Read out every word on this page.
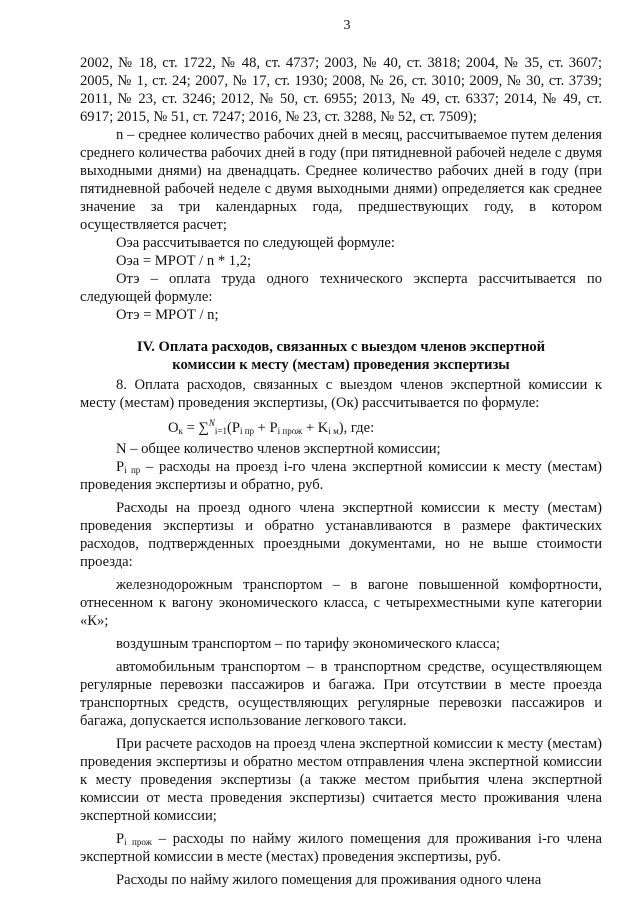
3

2002, № 18, ст. 1722, № 48, ст. 4737; 2003, № 40, ст. 3818; 2004, № 35, ст. 3607; 2005, № 1, ст. 24; 2007, № 17, ст. 1930; 2008, № 26, ст. 3010; 2009, № 30, ст. 3739; 2011, № 23, ст. 3246; 2012, № 50, ст. 6955; 2013, № 49, ст. 6337; 2014, № 49, ст. 6917; 2015, № 51, ст. 7247; 2016, № 23, ст. 3288, № 52, ст. 7509);

n – среднее количество рабочих дней в месяц, рассчитываемое путем деления среднего количества рабочих дней в году (при пятидневной рабочей неделе с двумя выходными днями) на двенадцать. Среднее количество рабочих дней в году (при пятидневной рабочей неделе с двумя выходными днями) определяется как среднее значение за три календарных года, предшествующих году, в котором осуществляется расчет;

Оэа рассчитывается по следующей формуле:

Оэа = МРОТ / n * 1,2;

Отэ – оплата труда одного технического эксперта рассчитывается по следующей формуле:

Отэ = МРОТ / n;

IV. Оплата расходов, связанных с выездом членов экспертной
комиссии к месту (местам) проведения экспертизы

8. Оплата расходов, связанных с выездом членов экспертной комиссии к месту (местам) проведения экспертизы, (Ок) рассчитывается по формуле:

$О_к = \sum^N_{i=1}(P_{i пр} + P_{i прож} + K_{i м})$, где:

N – общее количество членов экспертной комиссии;

$P_{i пр}$ – расходы на проезд i-го члена экспертной комиссии к месту (местам) проведения экспертизы и обратно, руб.

Расходы на проезд одного члена экспертной комиссии к месту (местам) проведения экспертизы и обратно устанавливаются в размере фактических расходов, подтвержденных проездными документами, но не выше стоимости проезда:

железнодорожным транспортом – в вагоне повышенной комфортности, отнесенном к вагону экономического класса, с четырехместными купе категории «К»;

воздушным транспортом – по тарифу экономического класса;

автомобильным транспортом – в транспортном средстве, осуществляющем регулярные перевозки пассажиров и багажа. При отсутствии в месте проезда транспортных средств, осуществляющих регулярные перевозки пассажиров и багажа, допускается использование легкового такси.

При расчете расходов на проезд члена экспертной комиссии к месту (местам) проведения экспертизы и обратно местом отправления члена экспертной комиссии к месту проведения экспертизы (а также местом прибытия члена экспертной комиссии от места проведения экспертизы) считается место проживания члена экспертной комиссии;

$P_{i прож}$ – расходы по найму жилого помещения для проживания i-го члена экспертной комиссии в месте (местах) проведения экспертизы, руб.

Расходы по найму жилого помещения для проживания одного члена
